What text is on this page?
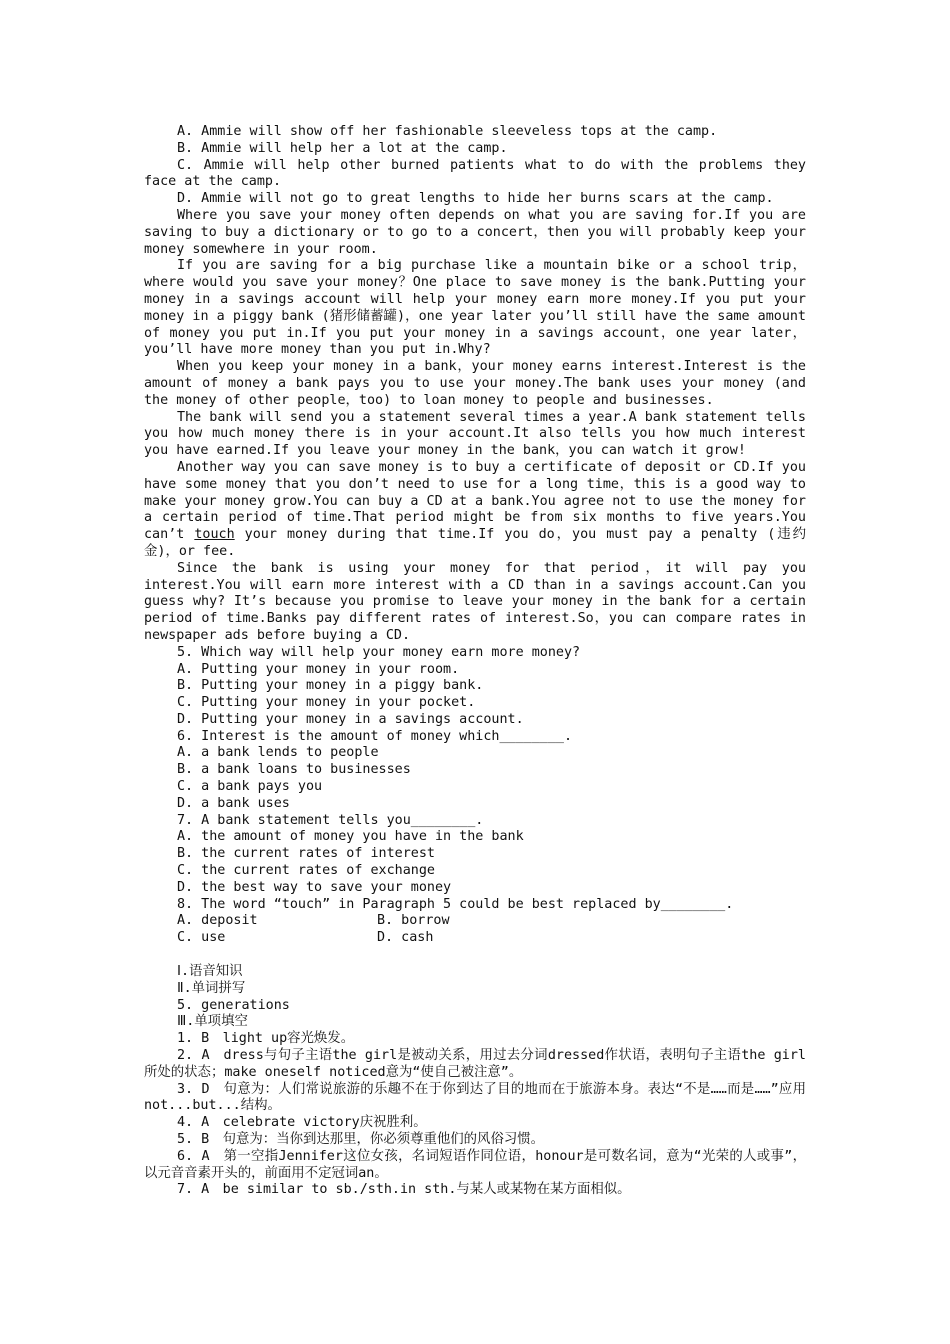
A. Ammie will show off her fashionable sleeveless tops at the camp.

B. Ammie will help her a lot at the camp.

C. Ammie will help other burned patients what to do with the problems they face at the camp.

D. Ammie will not go to great lengths to hide her burns scars at the camp.

Where you save your money often depends on what you are saving for.If you are saving to buy a dictionary or to go to a concert，then you will probably keep your money somewhere in your room.

If you are saving for a big purchase like a mountain bike or a school trip，where would you save your money？One place to save money is the bank.Putting your money in a savings account will help your money earn more money.If you put your money in a piggy bank (猪形储蓄罐)，one year later you’ll still have the same amount of money you put in.If you put your money in a savings account，one year later，you’ll have more money than you put in.Why?

When you keep your money in a bank，your money earns interest.Interest is the amount of money a bank pays you to use your money.The bank uses your money (and the money of other people，too) to loan money to people and businesses.

The bank will send you a statement several times a year.A bank statement tells you how much money there is in your account.It also tells you how much interest you have earned.If you leave your money in the bank，you can watch it grow!

Another way you can save money is to buy a certificate of deposit or CD.If you have some money that you don’t need to use for a long time，this is a good way to make your money grow.You can buy a CD at a bank.You agree not to use the money for a certain period of time.That period might be from six months to five years.You can’t touch your money during that time.If you do，you must pay a penalty (违约金)，or fee.

Since the bank is using your money for that period，it will pay you interest.You will earn more interest with a CD than in a savings account.Can you guess why? It’s because you promise to leave your money in the bank for a certain period of time.Banks pay different rates of interest.So，you can compare rates in newspaper ads before buying a CD.

5. Which way will help your money earn more money?

A. Putting your money in your room.

B. Putting your money in a piggy bank.

C. Putting your money in your pocket.

D. Putting your money in a savings account.

6. Interest is the amount of money which________.

A. a bank lends to people

B. a bank loans to businesses

C. a bank pays you

D. a bank uses

7. A bank statement tells you________.

A. the amount of money you have in the bank

B. the current rates of interest

C. the current rates of exchange

D. the best way to save your money

8. The word “touch” in Paragraph 5 could be best replaced by________.

A. deposit	B. borrow
C. use	D. cash

Ⅰ.语音知识

Ⅱ.单词拼写

5. generations

Ⅲ.单项填空

1. B　light up容光焕发。

2. A　dress与句子主语the girl是被动关系，用过去分词dressed作状语，表明句子主语the girl所处的状态；make oneself noticed意为“使自己被注意”。

3. D　句意为：人们常说旅游的乐趣不在于你到达了目的地而在于旅游本身。表达“不是……而是……”应用not...but...结构。

4. A　celebrate victory庆祝胜利。

5. B　句意为：当你到达那里，你必须尊重他们的风俗习惯。

6. A　第一空指Jennifer这位女孩，名词短语作同位语，honour是可数名词，意为“光荣的人或事”，以元音音素开头的，前面用不定冠词an。

7. A　be similar to sb./sth.in sth.与某人或某物在某方面相似。
